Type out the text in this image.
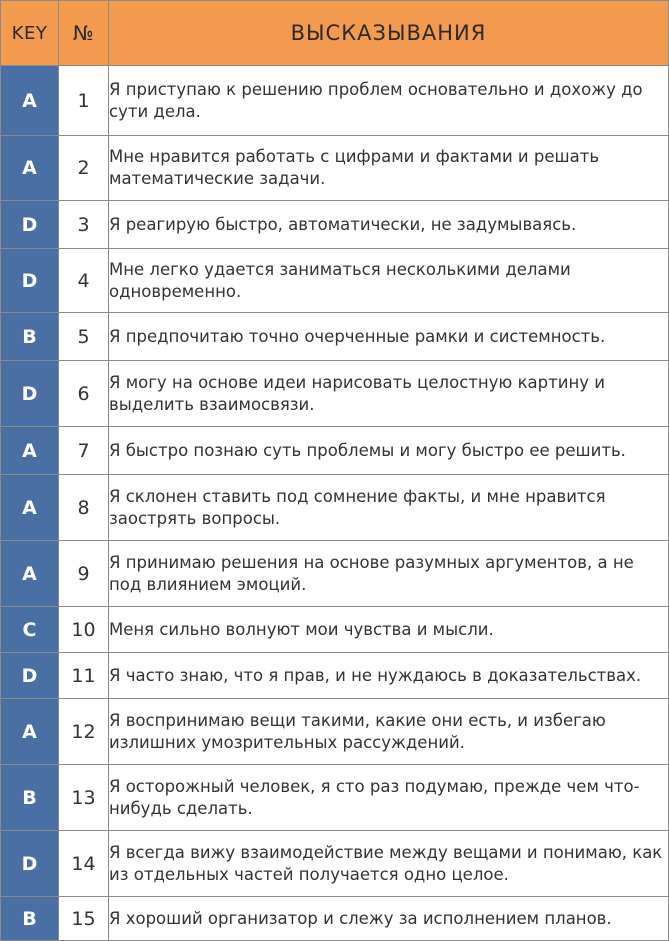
KEY	№	ВЫСКАЗЫВАНИЯ
A	1	Я приступаю к решению проблем основательно и дохожу до сути дела.
A	2	Мне нравится работать с цифрами и фактами и решать математические задачи.
D	3	Я реагирую быстро, автоматически, не задумываясь.
D	4	Мне легко удается заниматься несколькими делами одновременно.
B	5	Я предпочитаю точно очерченные рамки и системность.
D	6	Я могу на основе идеи нарисовать целостную картину и выделить взаимосвязи.
A	7	Я быстро познаю суть проблемы и могу быстро ее решить.
A	8	Я склонен ставить под сомнение факты, и мне нравится заострять вопросы.
A	9	Я принимаю решения на основе разумных аргументов, а не под влиянием эмоций.
C	10	Меня сильно волнуют мои чувства и мысли.
D	11	Я часто знаю, что я прав, и не нуждаюсь в доказательствах.
A	12	Я воспринимаю вещи такими, какие они есть, и избегаю излишних умозрительных рассуждений.
B	13	Я осторожный человек, я сто раз подумаю, прежде чем что-нибудь сделать.
D	14	Я всегда вижу взаимодействие между вещами и понимаю, как из отдельных частей получается одно целое.
B	15	Я хороший организатор и слежу за исполнением планов.
